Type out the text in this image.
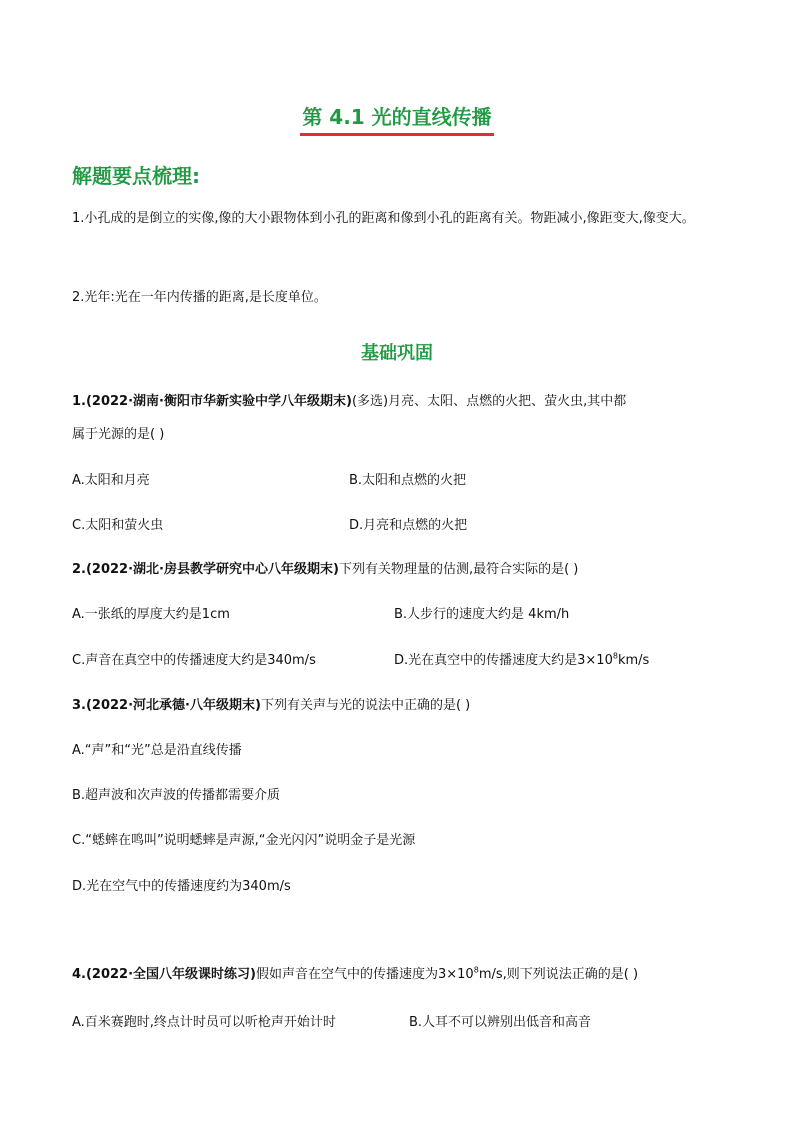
第 4.1 光的直线传播
解题要点梳理:
1.小孔成的是倒立的实像,像的大小跟物体到小孔的距离和像到小孔的距离有关。物距减小,像距变大,像变大。
2.光年:光在一年内传播的距离,是长度单位。
基础巩固
1.(2022·湖南·衡阳市华新实验中学八年级期末)(多选)月亮、太阳、点燃的火把、萤火虫,其中都
属于光源的是( )
A.太阳和月亮	B.太阳和点燃的火把
C.太阳和萤火虫	D.月亮和点燃的火把
2.(2022·湖北·房县教学研究中心八年级期末)下列有关物理量的估测,最符合实际的是( )
A.一张纸的厚度大约是1cm	B.人步行的速度大约是 4km/h
C.声音在真空中的传播速度大约是340m/s	D.光在真空中的传播速度大约是$3\times 10^8km/s$
3.(2022·河北承德·八年级期末)下列有关声与光的说法中正确的是( )
A.“声”和“光”总是沿直线传播
B.超声波和次声波的传播都需要介质
C.“蟋蟀在鸣叫”说明蟋蟀是声源,“金光闪闪”说明金子是光源
D.光在空气中的传播速度约为340m/s
4.(2022·全国八年级课时练习)假如声音在空气中的传播速度为$3\times 10^8m/s$,则下列说法正确的是( )
A.百米赛跑时,终点计时员可以听枪声开始计时	B.人耳不可以辨别出低音和高音
